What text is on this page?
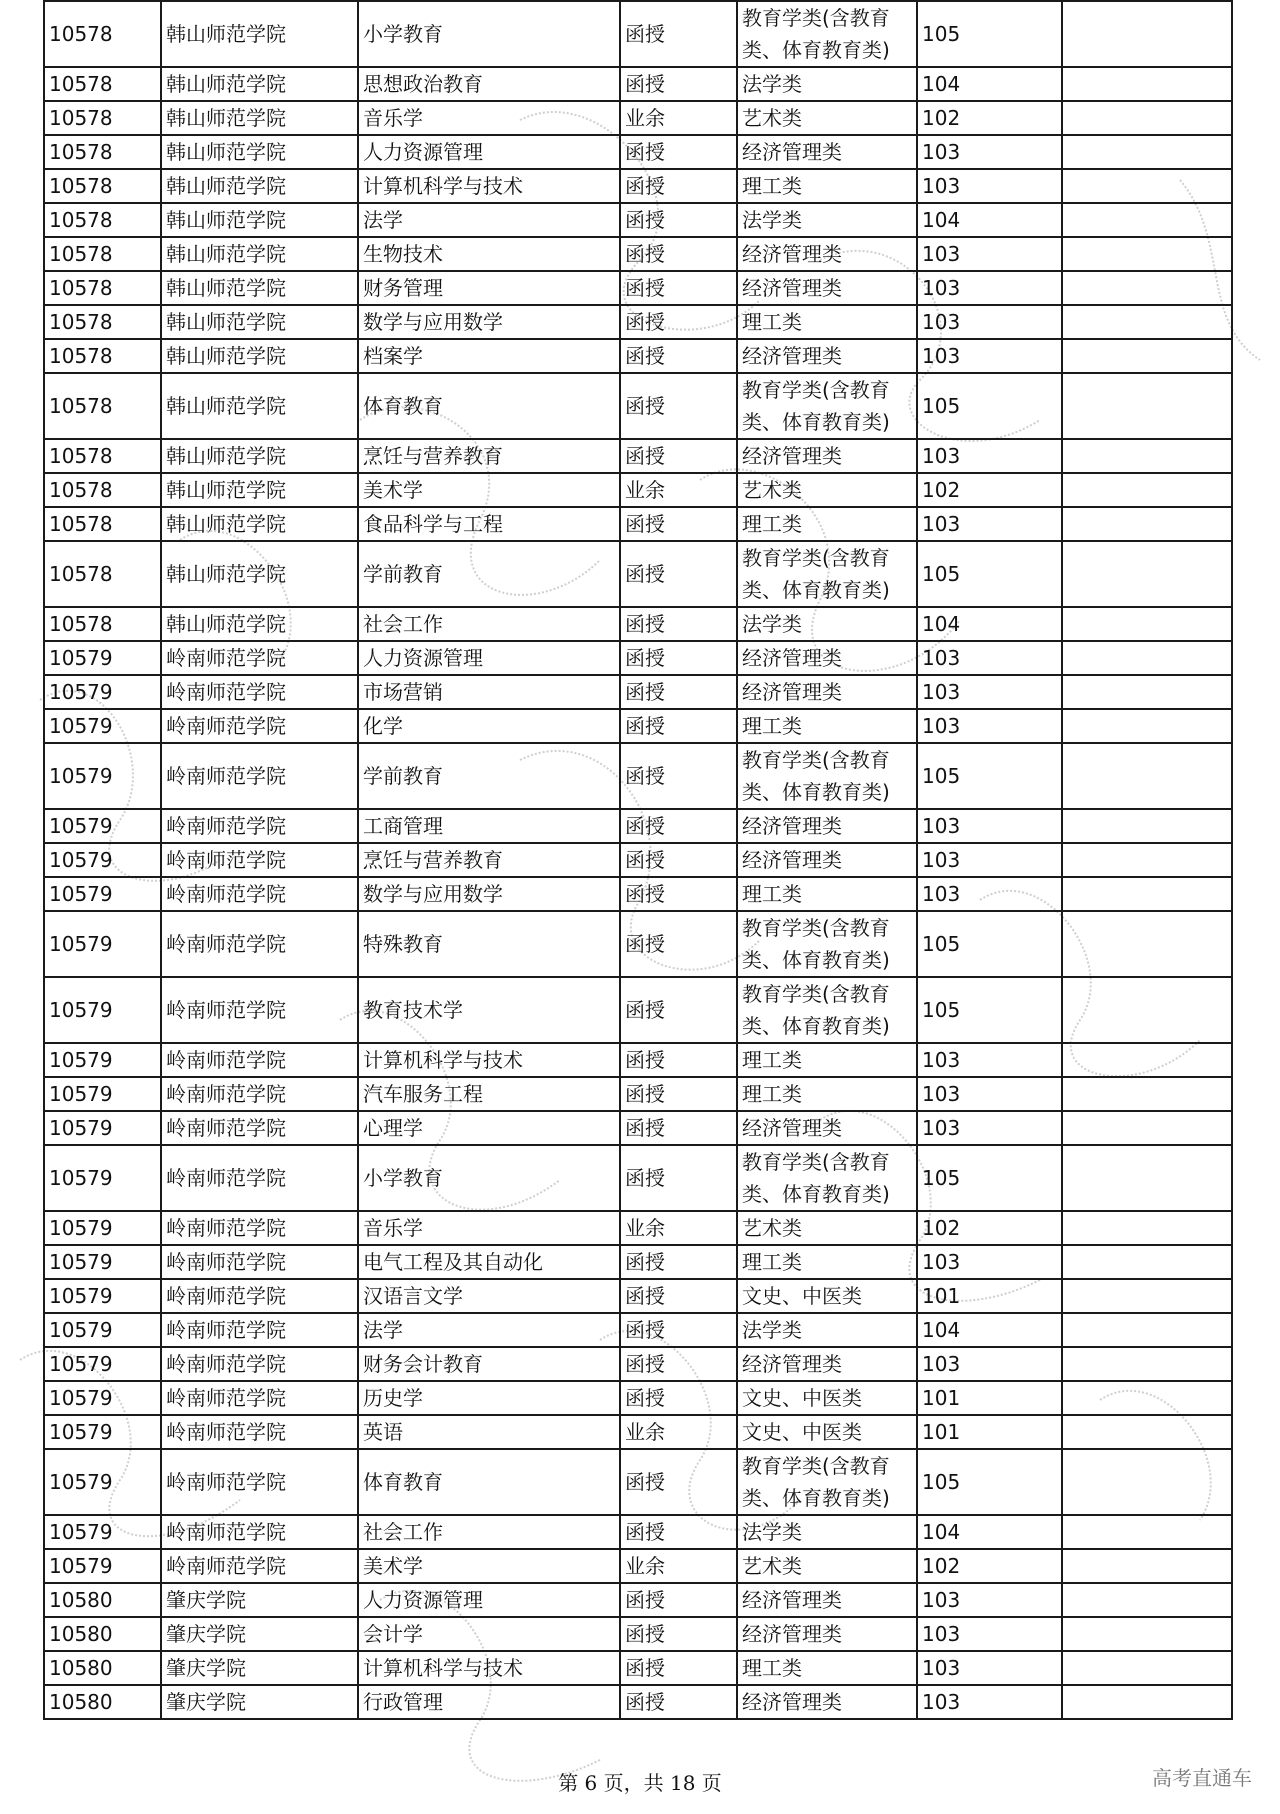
10578	韩山师范学院	小学教育	函授	教育学类(含教育类、体育教育类)	105	
10578	韩山师范学院	思想政治教育	函授	法学类	104	
10578	韩山师范学院	音乐学	业余	艺术类	102	
10578	韩山师范学院	人力资源管理	函授	经济管理类	103	
10578	韩山师范学院	计算机科学与技术	函授	理工类	103	
10578	韩山师范学院	法学	函授	法学类	104	
10578	韩山师范学院	生物技术	函授	经济管理类	103	
10578	韩山师范学院	财务管理	函授	经济管理类	103	
10578	韩山师范学院	数学与应用数学	函授	理工类	103	
10578	韩山师范学院	档案学	函授	经济管理类	103	
10578	韩山师范学院	体育教育	函授	教育学类(含教育类、体育教育类)	105	
10578	韩山师范学院	烹饪与营养教育	函授	经济管理类	103	
10578	韩山师范学院	美术学	业余	艺术类	102	
10578	韩山师范学院	食品科学与工程	函授	理工类	103	
10578	韩山师范学院	学前教育	函授	教育学类(含教育类、体育教育类)	105	
10578	韩山师范学院	社会工作	函授	法学类	104	
10579	岭南师范学院	人力资源管理	函授	经济管理类	103	
10579	岭南师范学院	市场营销	函授	经济管理类	103	
10579	岭南师范学院	化学	函授	理工类	103	
10579	岭南师范学院	学前教育	函授	教育学类(含教育类、体育教育类)	105	
10579	岭南师范学院	工商管理	函授	经济管理类	103	
10579	岭南师范学院	烹饪与营养教育	函授	经济管理类	103	
10579	岭南师范学院	数学与应用数学	函授	理工类	103	
10579	岭南师范学院	特殊教育	函授	教育学类(含教育类、体育教育类)	105	
10579	岭南师范学院	教育技术学	函授	教育学类(含教育类、体育教育类)	105	
10579	岭南师范学院	计算机科学与技术	函授	理工类	103	
10579	岭南师范学院	汽车服务工程	函授	理工类	103	
10579	岭南师范学院	心理学	函授	经济管理类	103	
10579	岭南师范学院	小学教育	函授	教育学类(含教育类、体育教育类)	105	
10579	岭南师范学院	音乐学	业余	艺术类	102	
10579	岭南师范学院	电气工程及其自动化	函授	理工类	103	
10579	岭南师范学院	汉语言文学	函授	文史、中医类	101	
10579	岭南师范学院	法学	函授	法学类	104	
10579	岭南师范学院	财务会计教育	函授	经济管理类	103	
10579	岭南师范学院	历史学	函授	文史、中医类	101	
10579	岭南师范学院	英语	业余	文史、中医类	101	
10579	岭南师范学院	体育教育	函授	教育学类(含教育类、体育教育类)	105	
10579	岭南师范学院	社会工作	函授	法学类	104	
10579	岭南师范学院	美术学	业余	艺术类	102	
10580	肇庆学院	人力资源管理	函授	经济管理类	103	
10580	肇庆学院	会计学	函授	经济管理类	103	
10580	肇庆学院	计算机科学与技术	函授	理工类	103	
10580	肇庆学院	行政管理	函授	经济管理类	103	
第 6 页，共 18 页	高考直通车
